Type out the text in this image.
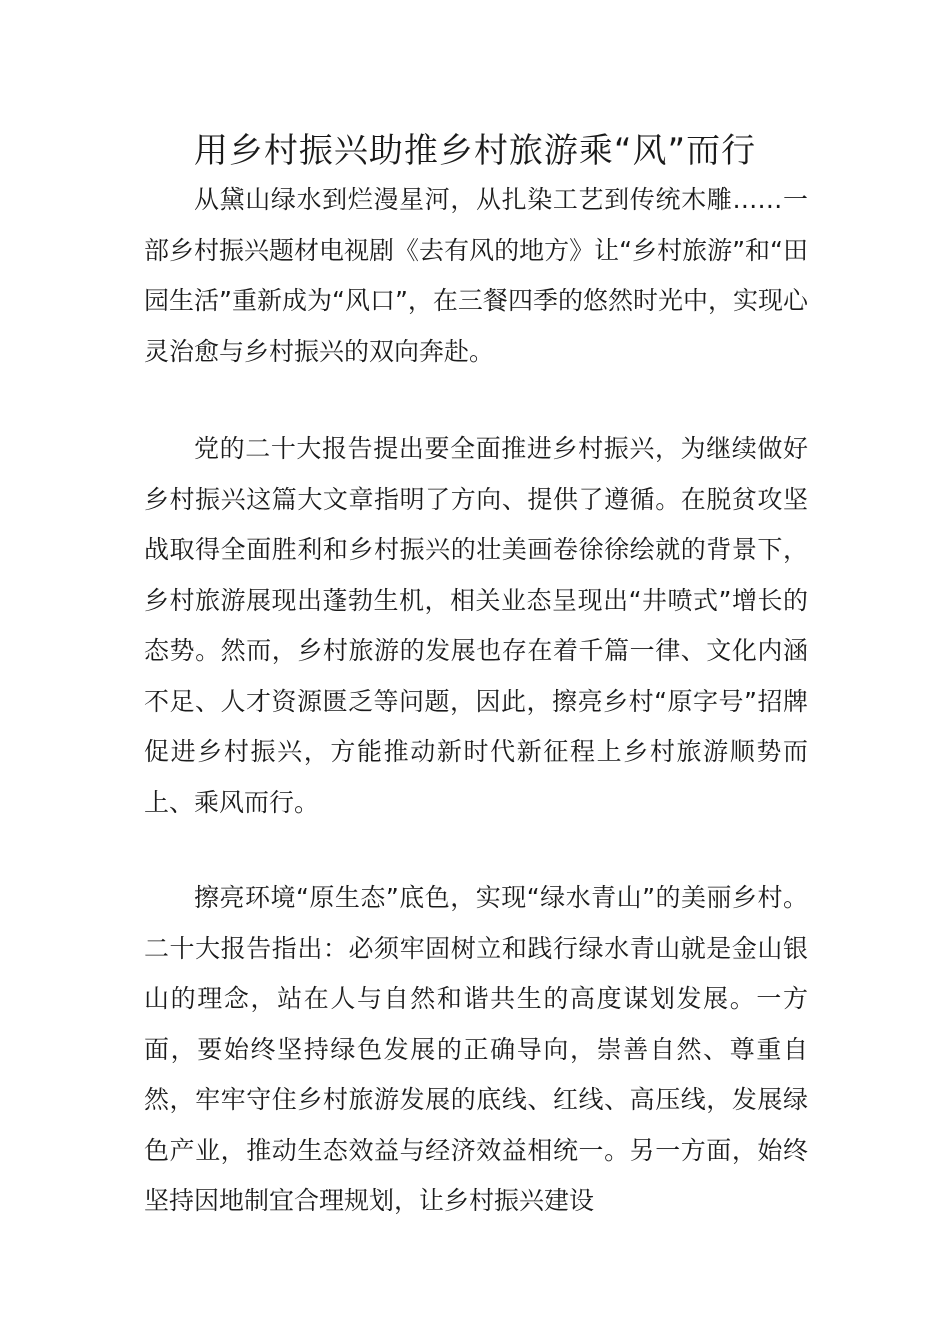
用乡村振兴助推乡村旅游乘“风”而行

从黛山绿水到烂漫星河，从扎染工艺到传统木雕……一部乡村振兴题材电视剧《去有风的地方》让“乡村旅游”和“田园生活”重新成为“风口”，在三餐四季的悠然时光中，实现心灵治愈与乡村振兴的双向奔赴。

党的二十大报告提出要全面推进乡村振兴，为继续做好乡村振兴这篇大文章指明了方向、提供了遵循。在脱贫攻坚战取得全面胜利和乡村振兴的壮美画卷徐徐绘就的背景下，乡村旅游展现出蓬勃生机，相关业态呈现出“井喷式”增长的态势。然而，乡村旅游的发展也存在着千篇一律、文化内涵不足、人才资源匮乏等问题，因此，擦亮乡村“原字号”招牌促进乡村振兴，方能推动新时代新征程上乡村旅游顺势而上、乘风而行。

擦亮环境“原生态”底色，实现“绿水青山”的美丽乡村。二十大报告指出：必须牢固树立和践行绿水青山就是金山银山的理念，站在人与自然和谐共生的高度谋划发展。一方面，要始终坚持绿色发展的正确导向，崇善自然、尊重自然，牢牢守住乡村旅游发展的底线、红线、高压线，发展绿色产业，推动生态效益与经济效益相统一。另一方面，始终坚持因地制宜合理规划，让乡村振兴建设
